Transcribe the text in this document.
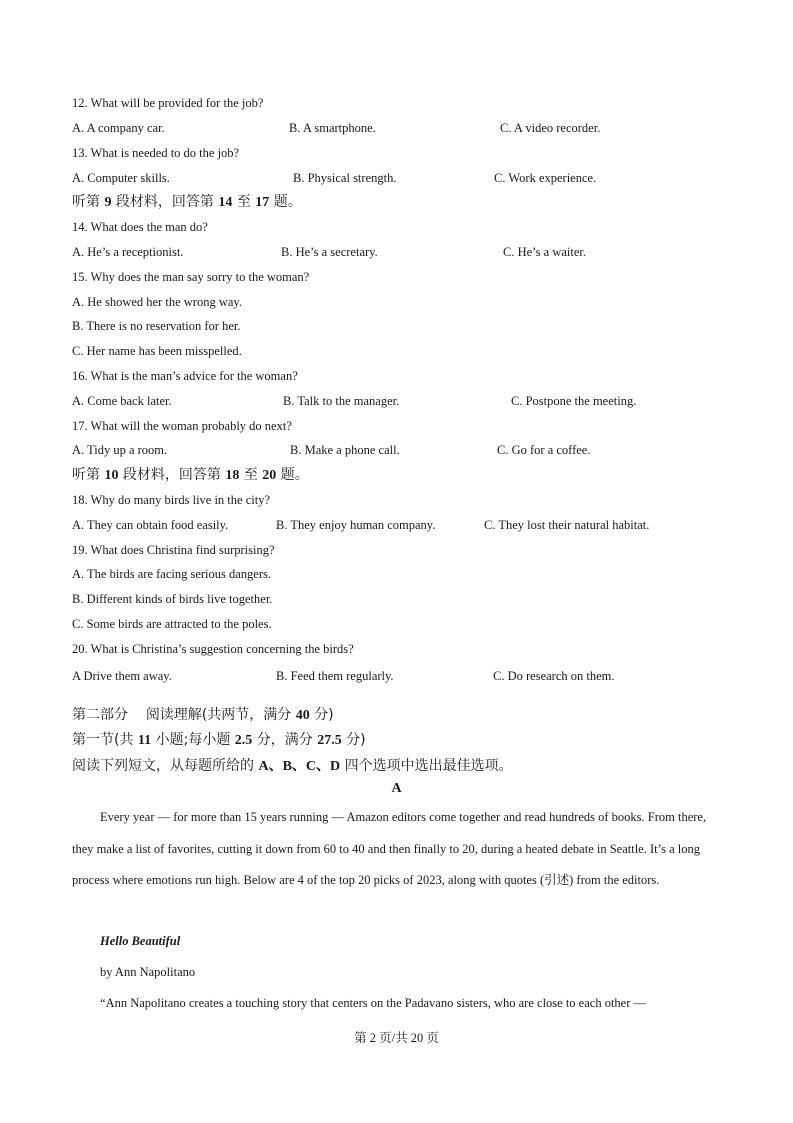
12. What will be provided for the job?
A. A company car.	B. A smartphone.	C. A video recorder.
13. What is needed to do the job?
A. Computer skills.	B. Physical strength.	C. Work experience.
听第 9 段材料，回答第 14 至 17 题。
14. What does the man do?
A. He’s a receptionist.	B. He’s a secretary.	C. He’s a waiter.
15. Why does the man say sorry to the woman?
A. He showed her the wrong way.
B. There is no reservation for her.
C. Her name has been misspelled.
16. What is the man’s advice for the woman?
A. Come back later.	B. Talk to the manager.	C. Postpone the meeting.
17. What will the woman probably do next?
A. Tidy up a room.	B. Make a phone call.	C. Go for a coffee.
听第 10 段材料，回答第 18 至 20 题。
18. Why do many birds live in the city?
A. They can obtain food easily.	B. They enjoy human company.	C. They lost their natural habitat.
19. What does Christina find surprising?
A. The birds are facing serious dangers.
B. Different kinds of birds live together.
C. Some birds are attracted to the poles.
20. What is Christina’s suggestion concerning the birds?
A Drive them away.	B. Feed them regularly.	C. Do research on them.
第二部分 阅读理解(共两节，满分 40 分)
第一节(共 11 小题;每小题 2.5 分，满分 27.5 分)
阅读下列短文，从每题所给的 A、B、C、D 四个选项中选出最佳选项。
A
Every year — for more than 15 years running — Amazon editors come together and read hundreds of books. From there, they make a list of favorites, cutting it down from 60 to 40 and then finally to 20, during a heated debate in Seattle. It’s a long process where emotions run high. Below are 4 of the top 20 picks of 2023, along with quotes (引述) from the editors.
Hello Beautiful
by Ann Napolitano
“Ann Napolitano creates a touching story that centers on the Padavano sisters, who are close to each other —
第 2 页/共 20 页
